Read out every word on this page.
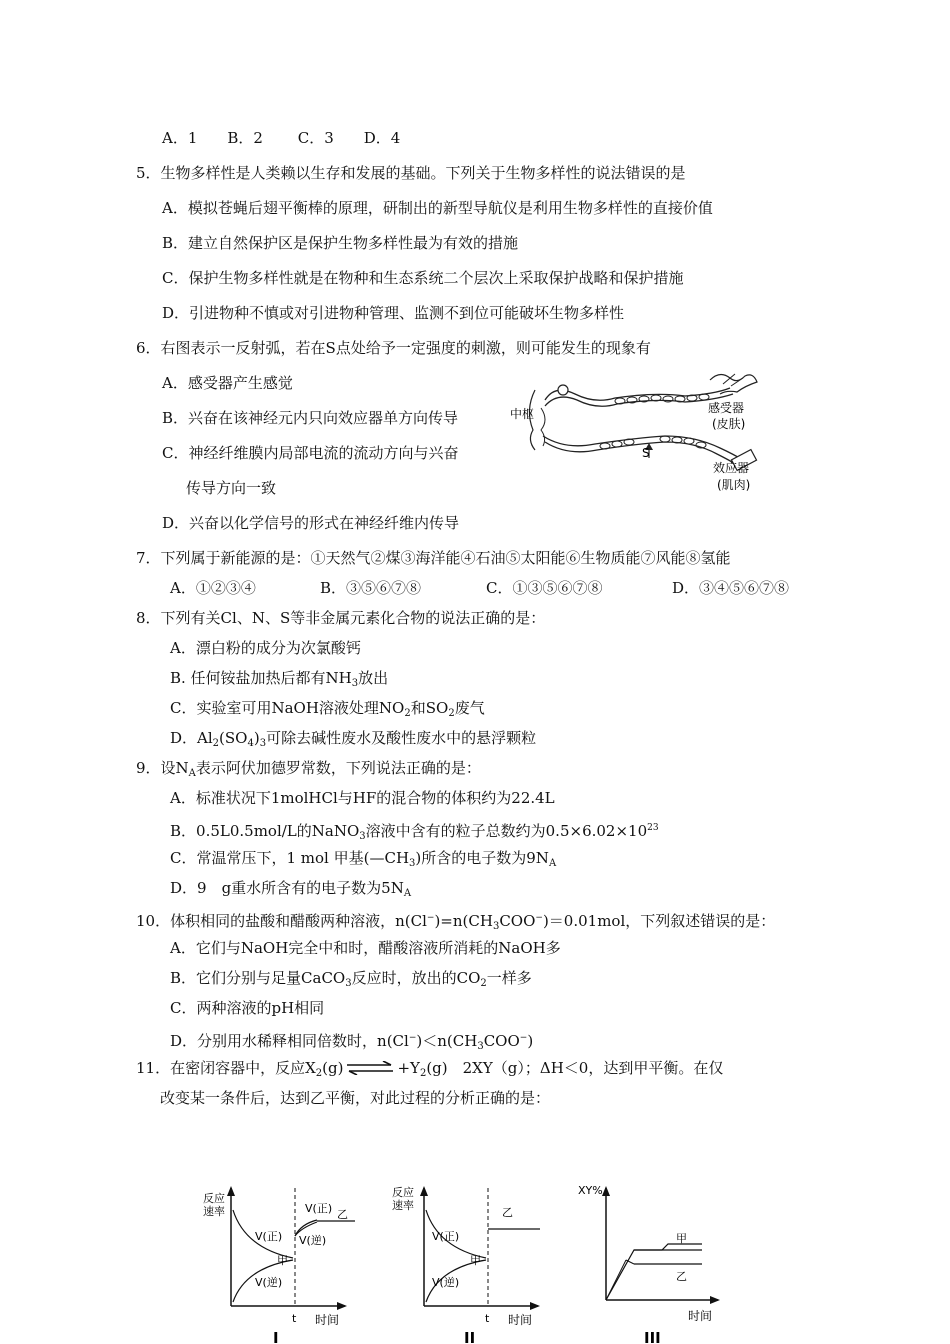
A．1　　B．2　　 C．3　　D．4
5．生物多样性是人类赖以生存和发展的基础。下列关于生物多样性的说法错误的是
A．模拟苍蝇后翅平衡棒的原理，研制出的新型导航仪是利用生物多样性的直接价值
B．建立自然保护区是保护生物多样性最为有效的措施
C．保护生物多样性就是在物种和生态系统二个层次上采取保护战略和保护措施
D．引进物种不慎或对引进物种管理、监测不到位可能破坏生物多样性
6．右图表示一反射弧，若在S点处给予一定强度的刺激，则可能发生的现象有
A．感受器产生感觉
B．兴奋在该神经元内只向效应器单方向传导
C．神经纤维膜内局部电流的流动方向与兴奋
传导方向一致
D．兴奋以化学信号的形式在神经纤维内传导
中枢	感受器
(皮肤)
S
效应器
(肌肉)
7．下列属于新能源的是：①天然气②煤③海洋能④石油⑤太阳能⑥生物质能⑦风能⑧氢能
A．①②③④	B．③⑤⑥⑦⑧	C．①③⑤⑥⑦⑧	D．③④⑤⑥⑦⑧
8．下列有关Cl、N、S等非金属元素化合物的说法正确的是：
A．漂白粉的成分为次氯酸钙
B. 任何铵盐加热后都有$NH_3$放出
C．实验室可用NaOH溶液处理$NO_2$和$SO_2$废气
D．$Al_2(SO_4)_3$可除去碱性废水及酸性废水中的悬浮颗粒
9．设$N_A$表示阿伏加德罗常数，下列说法正确的是：
A．标准状况下1molHCl与HF的混合物的体积约为22.4L
B．0.5L0.5mol/L的NaNO$_3$溶液中含有的粒子总数约为$0.5\times 6.02\times 10^{23}$
C．常温常压下，1 mol 甲基$(—CH_3)$所含的电子数为$9N_A$
D．9　g重水所含有的电子数为$5N_A$
10．体积相同的盐酸和醋酸两种溶液，$n(Cl^-)=n(CH_3COO^-)=0.01mol$，下列叙述错误的是：
A．它们与NaOH完全中和时，醋酸溶液所消耗的NaOH多
B．它们分别与足量CaCO$_3$反应时，放出的$CO_2$一样多
C．两种溶液的pH相同
D．分别用水稀释相同倍数时，$n(Cl^-)<n(CH_3COO^-)$
11．在密闭容器中，反应$X_2(g)$ ⇌ $+Y_2(g)$　2XY（g）；ΔH＜0，达到甲平衡。在仅
改变某一条件后，达到乙平衡，对此过程的分析正确的是：
反应
速率
V(正)
V(逆)
甲
V(正)
V(逆)
乙
t 时间
I
反应
速率
V(正)
V(逆)
甲
乙
t 时间
II
XY%
甲
乙
时间
III
